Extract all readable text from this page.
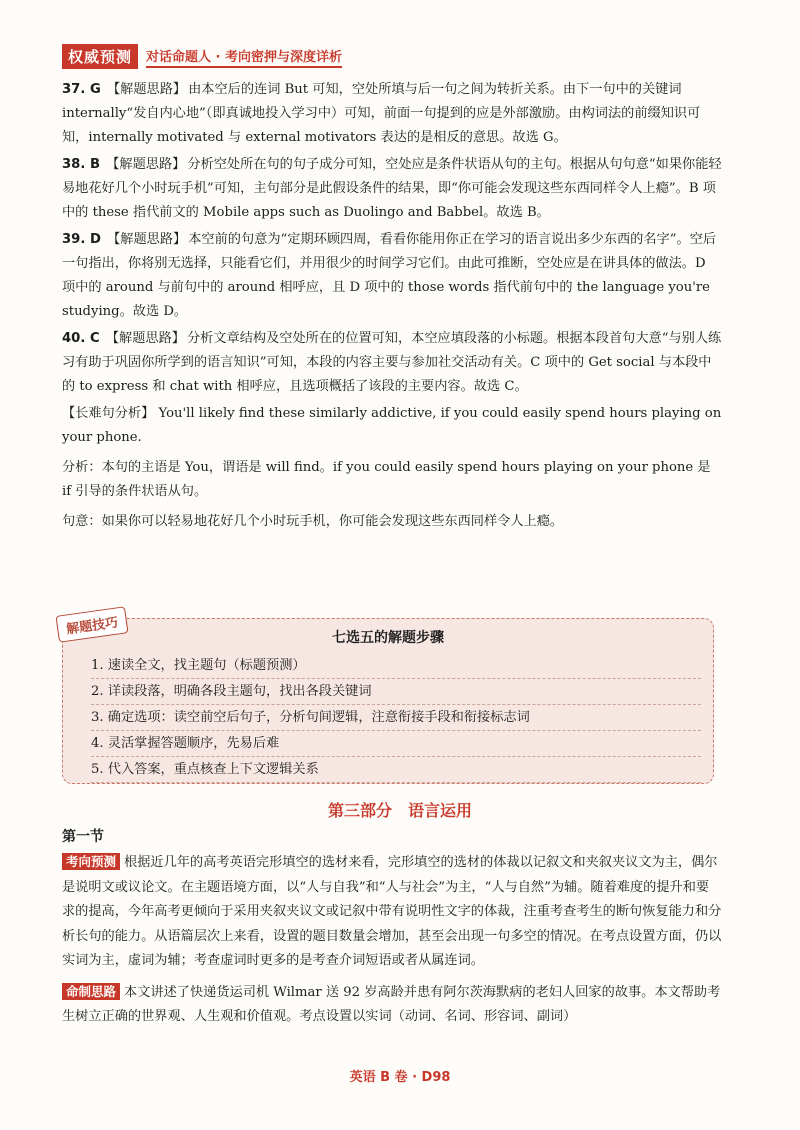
权威预测	对话命题人 · 考向密押与深度详析
37. G 【解题思路】 由本空后的连词 But 可知，空处所填与后一句之间为转折关系。由下一句中的关键词 internally“发自内心地”（即真诚地投入学习中）可知，前面一句提到的应是外部激励。由构词法的前缀知识可知，internally motivated 与 external motivators 表达的是相反的意思。故选 G。
38. B 【解题思路】 分析空处所在句的句子成分可知，空处应是条件状语从句的主句。根据从句句意“如果你能轻易地花好几个小时玩手机”可知，主句部分是此假设条件的结果，即“你可能会发现这些东西同样令人上瘾”。B 项中的 these 指代前文的 Mobile apps such as Duolingo and Babbel。故选 B。
39. D 【解题思路】 本空前的句意为“定期环顾四周，看看你能用你正在学习的语言说出多少东西的名字”。空后一句指出，你将别无选择，只能看它们，并用很少的时间学习它们。由此可推断，空处应是在讲具体的做法。D 项中的 around 与前句中的 around 相呼应，且 D 项中的 those words 指代前句中的 the language you're studying。故选 D。
40. C 【解题思路】 分析文章结构及空处所在的位置可知，本空应填段落的小标题。根据本段首句大意“与别人练习有助于巩固你所学到的语言知识”可知，本段的内容主要与参加社交活动有关。C 项中的 Get social 与本段中的 to express 和 chat with 相呼应，且选项概括了该段的主要内容。故选 C。
【长难句分析】 You'll likely find these similarly addictive, if you could easily spend hours playing on your phone.
分析：本句的主语是 You，谓语是 will find。if you could easily spend hours playing on your phone 是 if 引导的条件状语从句。
句意：如果你可以轻易地花好几个小时玩手机，你可能会发现这些东西同样令人上瘾。
解题技巧
七选五的解题步骤
1. 速读全文，找主题句（标题预测）
2. 详读段落，明确各段主题句，找出各段关键词
3. 确定选项：读空前空后句子，分析句间逻辑，注意衔接手段和衔接标志词
4. 灵活掌握答题顺序，先易后难
5. 代入答案，重点核查上下文逻辑关系
第三部分　语言运用
第一节
考向预测 根据近几年的高考英语完形填空的选材来看，完形填空的选材的体裁以记叙文和夹叙夹议文为主，偶尔是说明文或议论文。在主题语境方面，以“人与自我”和“人与社会”为主，“人与自然”为辅。随着难度的提升和要求的提高，今年高考更倾向于采用夹叙夹议文或记叙中带有说明性文字的体裁，注重考查考生的断句恢复能力和分析长句的能力。从语篇层次上来看，设置的题目数量会增加，甚至会出现一句多空的情况。在考点设置方面，仍以实词为主，虚词为辅；考查虚词时更多的是考查介词短语或者从属连词。
命制思路 本文讲述了快递货运司机 Wilmar 送 92 岁高龄并患有阿尔茨海默病的老妇人回家的故事。本文帮助考生树立正确的世界观、人生观和价值观。考点设置以实词（动词、名词、形容词、副词）
英语 B 卷 · D98
